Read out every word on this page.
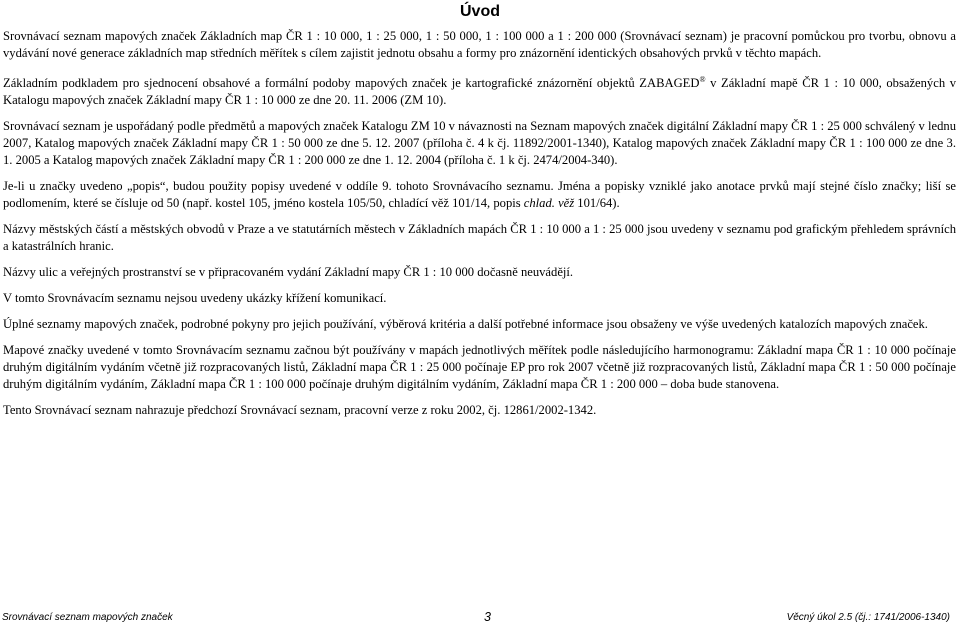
Úvod

Srovnávací seznam mapových značek Základních map ČR 1 : 10 000, 1 : 25 000, 1 : 50 000, 1 : 100 000 a 1 : 200 000 (Srovnávací seznam) je pracovní pomůckou pro tvorbu, obnovu a vydávání nové generace základních map středních měřítek s cílem zajistit jednotu obsahu a formy pro znázornění identických obsahových prvků v těchto mapách.

Základním podkladem pro sjednocení obsahové a formální podoby mapových značek je kartografické znázornění objektů ZABAGED® v Základní mapě ČR 1 : 10 000, obsažených v Katalogu mapových značek Základní mapy ČR 1 : 10 000 ze dne 20. 11. 2006 (ZM 10).

Srovnávací seznam je uspořádaný podle předmětů a mapových značek Katalogu ZM 10 v návaznosti na Seznam mapových značek digitální Základní mapy ČR 1 : 25 000 schválený v lednu 2007, Katalog mapových značek Základní mapy ČR 1 : 50 000 ze dne 5. 12. 2007 (příloha č. 4 k čj. 11892/2001-1340), Katalog mapových značek Základní mapy ČR 1 : 100 000 ze dne 3. 1. 2005 a Katalog mapových značek Základní mapy ČR 1 : 200 000 ze dne 1. 12. 2004 (příloha č. 1 k čj. 2474/2004-340).

Je-li u značky uvedeno „popis“, budou použity popisy uvedené v oddíle 9. tohoto Srovnávacího seznamu. Jména a popisky vzniklé jako anotace prvků mají stejné číslo značky; liší se podlomením, které se čísluje od 50 (např. kostel 105, jméno kostela 105/50, chladící věž 101/14, popis chlad. věž 101/64).

Názvy městských částí a městských obvodů v Praze a ve statutárních městech v Základních mapách ČR 1 : 10 000 a 1 : 25 000 jsou uvedeny v seznamu pod grafickým přehledem správních a katastrálních hranic.

Názvy ulic a veřejných prostranství se v připracovaném vydání Základní mapy ČR 1 : 10 000 dočasně neuvádějí.

V tomto Srovnávacím seznamu nejsou uvedeny ukázky křížení komunikací.

Úplné seznamy mapových značek, podrobné pokyny pro jejich používání, výběrová kritéria a další potřebné informace jsou obsaženy ve výše uvedených katalozích mapových značek.

Mapové značky uvedené v tomto Srovnávacím seznamu začnou být používány v mapách jednotlivých měřítek podle následujícího harmonogramu: Základní mapa ČR 1 : 10 000 počínaje druhým digitálním vydáním včetně již rozpracovaných listů, Základní mapa ČR 1 : 25 000 počínaje EP pro rok 2007 včetně již rozpracovaných listů, Základní mapa ČR 1 : 50 000 počínaje druhým digitálním vydáním, Základní mapa ČR 1 : 100 000 počínaje druhým digitálním vydáním, Základní mapa ČR 1 : 200 000 – doba bude stanovena.

Tento Srovnávací seznam nahrazuje předchozí Srovnávací seznam, pracovní verze z roku 2002, čj. 12861/2002-1342.

Srovnávací seznam mapových značek	3	Věcný úkol 2.5 (čj.: 1741/2006-1340)
